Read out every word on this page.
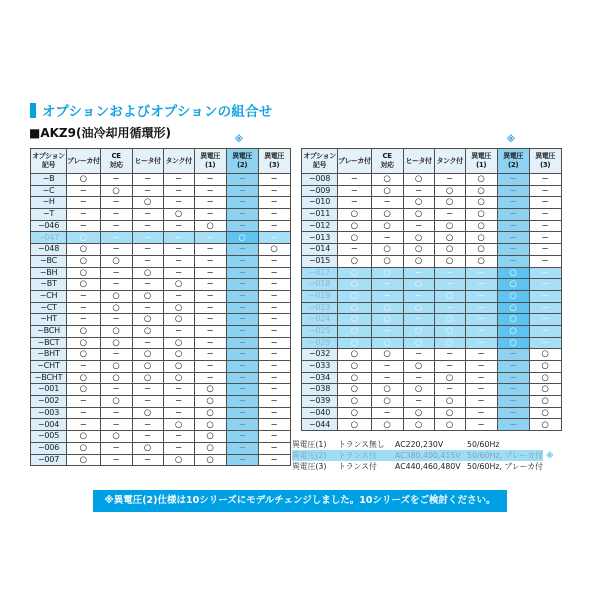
オプションおよびオプションの組合せ
■AKZ9(油冷却用循環形)	※	※
オプション
記号

ブレーカ付

CE
対応

ヒータ付	タンク付

異電圧
(1)

異電圧
(2)

異電圧
(3)

−B	○	−	−	−	−	−	−
−C	−	○	−	−	−	−	−
−H	−	−	○	−	−	−	−
−T	−	−	−	○	−	−	−
−046	−	−	−	−	○	−	−
−047	○	−	−	−	−	○	−
−048	○	−	−	−	−	−	○
−BC	○	○	−	−	−	−	−
−BH	○	−	○	−	−	−	−
−BT	○	−	−	○	−	−	−
−CH	−	○	○	−	−	−	−
−CT	−	○	−	○	−	−	−
−HT	−	−	○	○	−	−	−
−BCH	○	○	○	−	−	−	−
−BCT	○	○	−	○	−	−	−
−BHT	○	−	○	○	−	−	−
−CHT	−	○	○	○	−	−	−
−BCHT	○	○	○	○	−	−	−
−001	○	−	−	−	○	−	−
−002	−	○	−	−	○	−	−
−003	−	−	○	−	○	−	−
−004	−	−	−	○	○	−	−
−005	○	○	−	−	○	−	−
−006	○	−	○	−	○	−	−
−007	○	−	−	○	○	−	−
オプション
記号

ブレーカ付

CE
対応

ヒータ付	タンク付

異電圧
(1)

異電圧
(2)

異電圧
(3)

−008	−	○	○	−	○	−	−
−009	−	○	−	○	○	−	−
−010	−	−	○	○	○	−	−
−011	○	○	○	−	○	−	−
−012	○	○	−	○	○	−	−
−013	○	−	○	○	○	−	−
−014	−	○	○	○	○	−	−
−015	○	○	○	○	○	−	−
−017	○	○	−	−	−	○	−
−018	○	−	○	−	−	○	−
−019	○	−	−	○	−	○	−
−023	○	○	○	−	−	○	−
−024	○	○	−	○	−	○	−
−025	○	−	○	○	−	○	−
−029	○	○	○	○	−	○	−
−032	○	○	−	−	−	−	○
−033	○	−	○	−	−	−	○
−034	○	−	−	○	−	−	○
−038	○	○	○	−	−	−	○
−039	○	○	−	○	−	−	○
−040	○	−	○	○	−	−	○
−044	○	○	○	○	−	−	○
異電圧(1)	トランス無し	AC220,230V	50/60Hz
異電圧(2)	トランス付	AC380,400,415V 50/60Hz, ブレーカ付 ※
異電圧(3)	トランス付	AC440,460,480V 50/60Hz, ブレーカ付
※異電圧(2)仕様は10シリーズにモデルチェンジしました。10シリーズをご検討ください。
